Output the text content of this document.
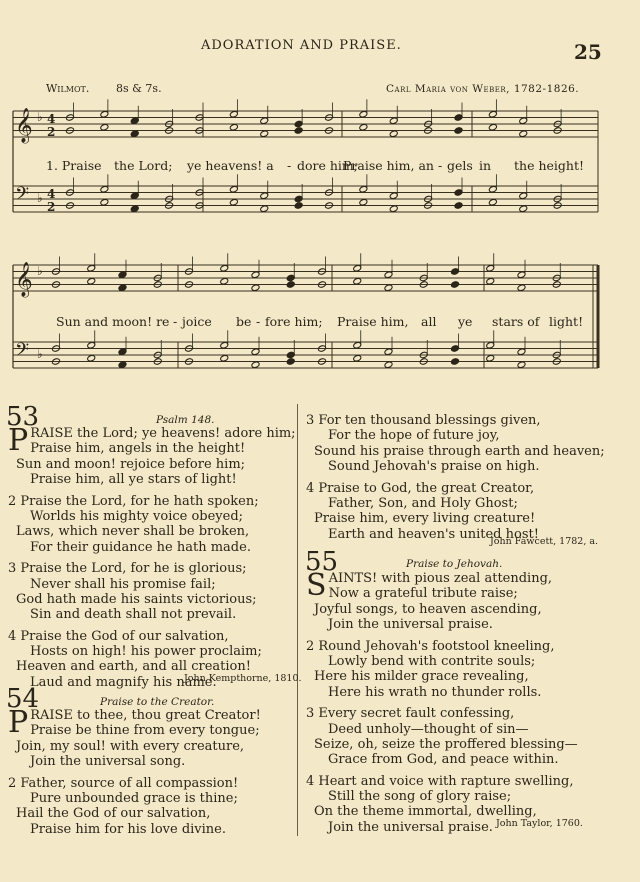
ADORATION AND PRAISE.	25
Wilmot. 8s & 7s.	Carl Maria von Weber, 1782-1826.
𝄞 ♭ 4
2
𝄢 ♭ 4
2
𝄞 ♭
𝄢 ♭
1. Praise the Lord; ye heavens! a - dore him;
Praise him, an - gels in the height!
Sun and moon! re - joice be - fore him; Praise him, all ye stars of light!
53	Psalm 148.
P RAISE the Lord; ye heavens! adore him;
Praise him, angels in the height!
Sun and moon! rejoice before him;
Praise him, all ye stars of light!
2 Praise the Lord, for he hath spoken;
Worlds his mighty voice obeyed;
Laws, which never shall be broken,
For their guidance he hath made.
3 Praise the Lord, for he is glorious;
Never shall his promise fail;
God hath made his saints victorious;
Sin and death shall not prevail.
4 Praise the God of our salvation,
Hosts on high! his power proclaim;
Heaven and earth, and all creation!
Laud and magnify his name.
John Kempthorne, 1810.
54	Praise to the Creator.
P RAISE to thee, thou great Creator!
Praise be thine from every tongue;
Join, my soul! with every creature,
Join the universal song.
2 Father, source of all compassion!
Pure unbounded grace is thine;
Hail the God of our salvation,
Praise him for his love divine.
3 For ten thousand blessings given,
For the hope of future joy,
Sound his praise through earth and heaven;
Sound Jehovah's praise on high.
4 Praise to God, the great Creator,
Father, Son, and Holy Ghost;
Praise him, every living creature!
Earth and heaven's united host!
John Fawcett, 1782, a.
55	Praise to Jehovah.
S AINTS! with pious zeal attending,
Now a grateful tribute raise;
Joyful songs, to heaven ascending,
Join the universal praise.
2 Round Jehovah's footstool kneeling,
Lowly bend with contrite souls;
Here his milder grace revealing,
Here his wrath no thunder rolls.
3 Every secret fault confessing,
Deed unholy—thought of sin—
Seize, oh, seize the proffered blessing—
Grace from God, and peace within.
4 Heart and voice with rapture swelling,
Still the song of glory raise;
On the theme immortal, dwelling,
Join the universal praise. John Taylor, 1760.
